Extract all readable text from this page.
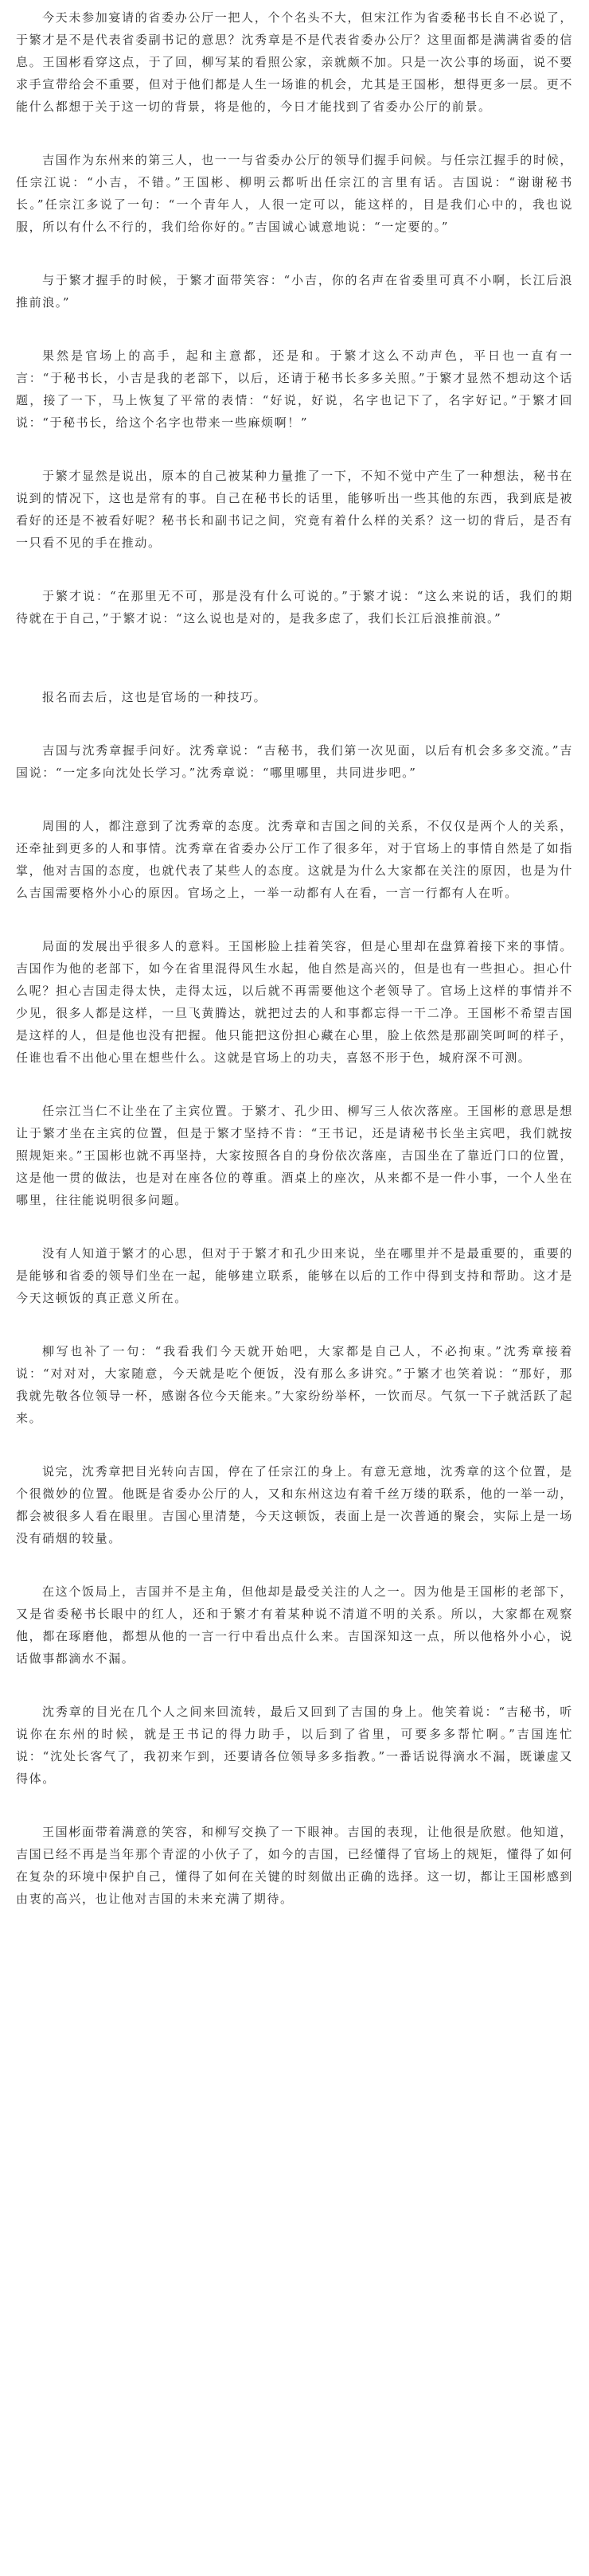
今天未参加宴请的省委办公厅一把人，个个名头不大，但宋江作为省委秘书长自不必说了，于繁才是不是代表省委副书记的意思？沈秀章是不是代表省委办公厅？这里面都是满满省委的信息。王国彬看穿这点，于了回，柳写某的看照公家，亲就颇不加。只是一次公事的场面，说不要求手宣带给会不重要，但对于他们都是人生一场谁的机会，尤其是王国彬，想得更多一层。更不能什么都想于关于这一切的背景，将是他的，今日才能找到了省委办公厅的前景。

吉国作为东州来的第三人，也一一与省委办公厅的领导们握手问候。与任宗江握手的时候，任宗江说：“小吉，不错。”王国彬、柳明云都听出任宗江的言里有话。吉国说：“谢谢秘书长。”任宗江多说了一句：“一个青年人，人很一定可以，能这样的，目是我们心中的，我也说服，所以有什么不行的，我们给你好的。”吉国诚心诚意地说：“一定要的。”

与于繁才握手的时候，于繁才面带笑容：“小吉，你的名声在省委里可真不小啊，长江后浪推前浪。”

果然是官场上的高手，起和主意都，还是和。于繁才这么不动声色，平日也一直有一言：“于秘书长，小吉是我的老部下，以后，还请于秘书长多多关照。”于繁才显然不想动这个话题，接了一下，马上恢复了平常的表情：“好说，好说，名字也记下了，名字好记。”于繁才回说：“于秘书长，给这个名字也带来一些麻烦啊！”

于繁才显然是说出，原本的自己被某种力量推了一下，不知不觉中产生了一种想法，秘书在说到的情况下，这也是常有的事。自己在秘书长的话里，能够听出一些其他的东西，我到底是被看好的还是不被看好呢？秘书长和副书记之间，究竟有着什么样的关系？这一切的背后，是否有一只看不见的手在推动。

于繁才说：“在那里无不可，那是没有什么可说的。”于繁才说：“这么来说的话，我们的期待就在于自己，”于繁才说：“这么说也是对的，是我多虑了，我们长江后浪推前浪。”

报名而去后，这也是官场的一种技巧。

吉国与沈秀章握手问好。沈秀章说：“吉秘书，我们第一次见面，以后有机会多多交流。”吉国说：“一定多向沈处长学习。”沈秀章说：“哪里哪里，共同进步吧。”

周围的人，都注意到了沈秀章的态度。沈秀章和吉国之间的关系，不仅仅是两个人的关系，还牵扯到更多的人和事情。沈秀章在省委办公厅工作了很多年，对于官场上的事情自然是了如指掌，他对吉国的态度，也就代表了某些人的态度。这就是为什么大家都在关注的原因，也是为什么吉国需要格外小心的原因。官场之上，一举一动都有人在看，一言一行都有人在听。

局面的发展出乎很多人的意料。王国彬脸上挂着笑容，但是心里却在盘算着接下来的事情。吉国作为他的老部下，如今在省里混得风生水起，他自然是高兴的，但是也有一些担心。担心什么呢？担心吉国走得太快，走得太远，以后就不再需要他这个老领导了。官场上这样的事情并不少见，很多人都是这样，一旦飞黄腾达，就把过去的人和事都忘得一干二净。王国彬不希望吉国是这样的人，但是他也没有把握。他只能把这份担心藏在心里，脸上依然是那副笑呵呵的样子，任谁也看不出他心里在想些什么。这就是官场上的功夫，喜怒不形于色，城府深不可测。

任宗江当仁不让坐在了主宾位置。于繁才、孔少田、柳写三人依次落座。王国彬的意思是想让于繁才坐在主宾的位置，但是于繁才坚持不肯：“王书记，还是请秘书长坐主宾吧，我们就按照规矩来。”王国彬也就不再坚持，大家按照各自的身份依次落座，吉国坐在了靠近门口的位置，这是他一贯的做法，也是对在座各位的尊重。酒桌上的座次，从来都不是一件小事，一个人坐在哪里，往往能说明很多问题。

没有人知道于繁才的心思，但对于于繁才和孔少田来说，坐在哪里并不是最重要的，重要的是能够和省委的领导们坐在一起，能够建立联系，能够在以后的工作中得到支持和帮助。这才是今天这顿饭的真正意义所在。

柳写也补了一句：“我看我们今天就开始吧，大家都是自己人，不必拘束。”沈秀章接着说：“对对对，大家随意，今天就是吃个便饭，没有那么多讲究。”于繁才也笑着说：“那好，那我就先敬各位领导一杯，感谢各位今天能来。”大家纷纷举杯，一饮而尽。气氛一下子就活跃了起来。

说完，沈秀章把目光转向吉国，停在了任宗江的身上。有意无意地，沈秀章的这个位置，是个很微妙的位置。他既是省委办公厅的人，又和东州这边有着千丝万缕的联系，他的一举一动，都会被很多人看在眼里。吉国心里清楚，今天这顿饭，表面上是一次普通的聚会，实际上是一场没有硝烟的较量。

在这个饭局上，吉国并不是主角，但他却是最受关注的人之一。因为他是王国彬的老部下，又是省委秘书长眼中的红人，还和于繁才有着某种说不清道不明的关系。所以，大家都在观察他，都在琢磨他，都想从他的一言一行中看出点什么来。吉国深知这一点，所以他格外小心，说话做事都滴水不漏。

沈秀章的目光在几个人之间来回流转，最后又回到了吉国的身上。他笑着说：“吉秘书，听说你在东州的时候，就是王书记的得力助手，以后到了省里，可要多多帮忙啊。”吉国连忙说：“沈处长客气了，我初来乍到，还要请各位领导多多指教。”一番话说得滴水不漏，既谦虚又得体。

王国彬面带着满意的笑容，和柳写交换了一下眼神。吉国的表现，让他很是欣慰。他知道，吉国已经不再是当年那个青涩的小伙子了，如今的吉国，已经懂得了官场上的规矩，懂得了如何在复杂的环境中保护自己，懂得了如何在关键的时刻做出正确的选择。这一切，都让王国彬感到由衷的高兴，也让他对吉国的未来充满了期待。
